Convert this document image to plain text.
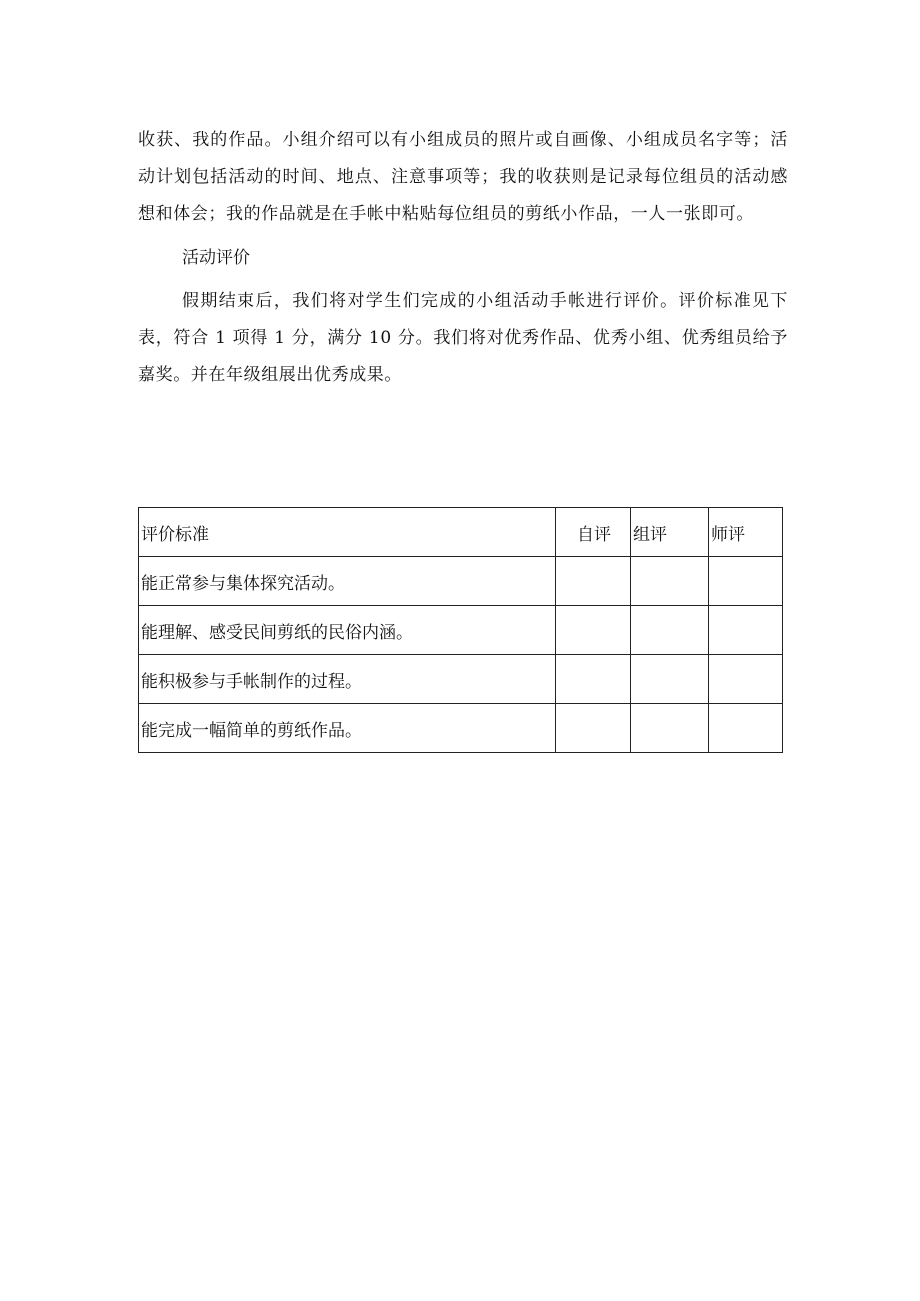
收获、我的作品。小组介绍可以有小组成员的照片或自画像、小组成员名字等；活动计划包括活动的时间、地点、注意事项等；我的收获则是记录每位组员的活动感想和体会；我的作品就是在手帐中粘贴每位组员的剪纸小作品，一人一张即可。

活动评价

假期结束后，我们将对学生们完成的小组活动手帐进行评价。评价标准见下表，符合 1 项得 1 分，满分 10 分。我们将对优秀作品、优秀小组、优秀组员给予嘉奖。并在年级组展出优秀成果。

评价标准	自评	组评	师评
能正常参与集体探究活动。			
能理解、感受民间剪纸的民俗内涵。			
能积极参与手帐制作的过程。			
能完成一幅简单的剪纸作品。			
